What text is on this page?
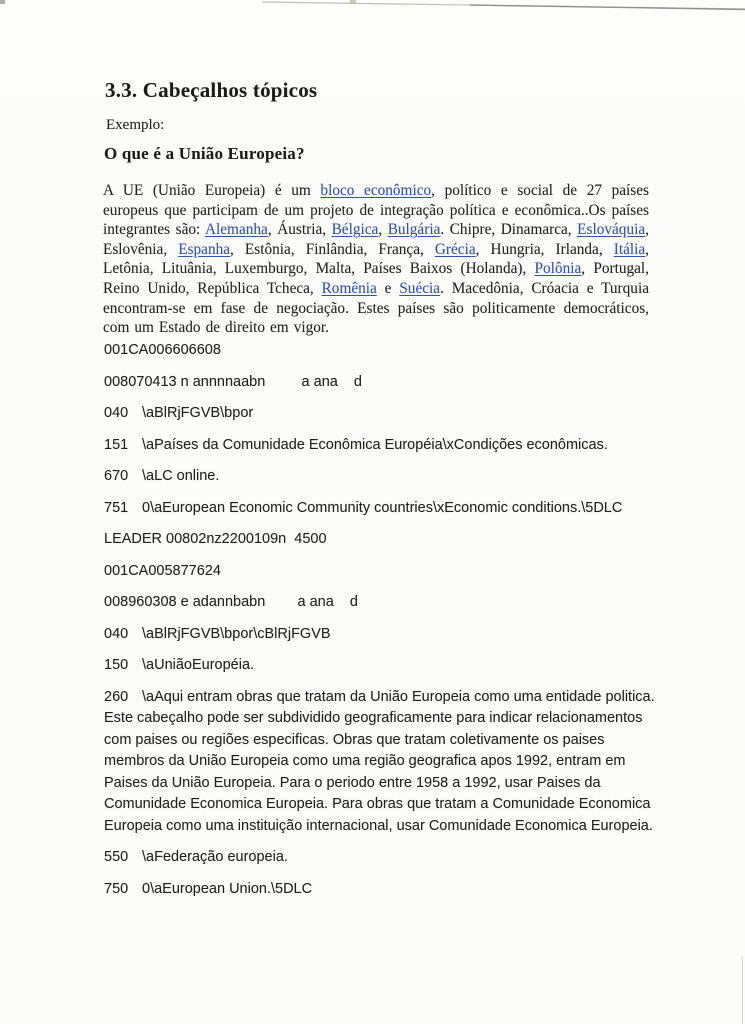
3.3. Cabeçalhos tópicos

Exemplo:

O que é a União Europeia?

A UE (União Europeia) é um bloco econômico, político e social de 27 países europeus que participam de um projeto de integração política e econômica..Os países integrantes são: Alemanha, Áustria, Bélgica, Bulgária. Chipre, Dinamarca, Eslováquia, Eslovênia, Espanha, Estônia, Finlândia, França, Grécia, Hungria, Irlanda, Itália, Letônia, Lituânia, Luxemburgo, Malta, Países Baixos (Holanda), Polônia, Portugal, Reino Unido, República Tcheca, Romênia e Suécia. Macedônia, Cróacia e Turquia encontram-se em fase de negociação. Estes países são politicamente democráticos, com um Estado de direito em vigor.

001CA006606608
008070413 n annnnaabn         a ana    d
040 \aBlRjFGVB\bpor
151 \aPaíses da Comunidade Econômica Européia\xCondições econômicas.
670 \aLC online.
751 0\aEuropean Economic Community countries\xEconomic conditions.\5DLC
LEADER 00802nz2200109n  4500
001CA005877624
008960308 e adannbabn        a ana    d
040 \aBlRjFGVB\bpor\cBlRjFGVB
150 \aUniãoEuropéia.
260 \aAqui entram obras que tratam da União Europeia como uma entidade politica. Este cabeçalho pode ser subdividido geograficamente para indicar relacionamentos com paises ou regiões especificas. Obras que tratam coletivamente os paises membros da União Europeia como uma região geografica apos 1992, entram em Paises da União Europeia. Para o periodo entre 1958 a 1992, usar Paises da Comunidade Economica Europeia. Para obras que tratam a Comunidade Economica Europeia como uma instituição internacional, usar Comunidade Economica Europeia.
550 \aFederação europeia.
750 0\aEuropean Union.\5DLC
